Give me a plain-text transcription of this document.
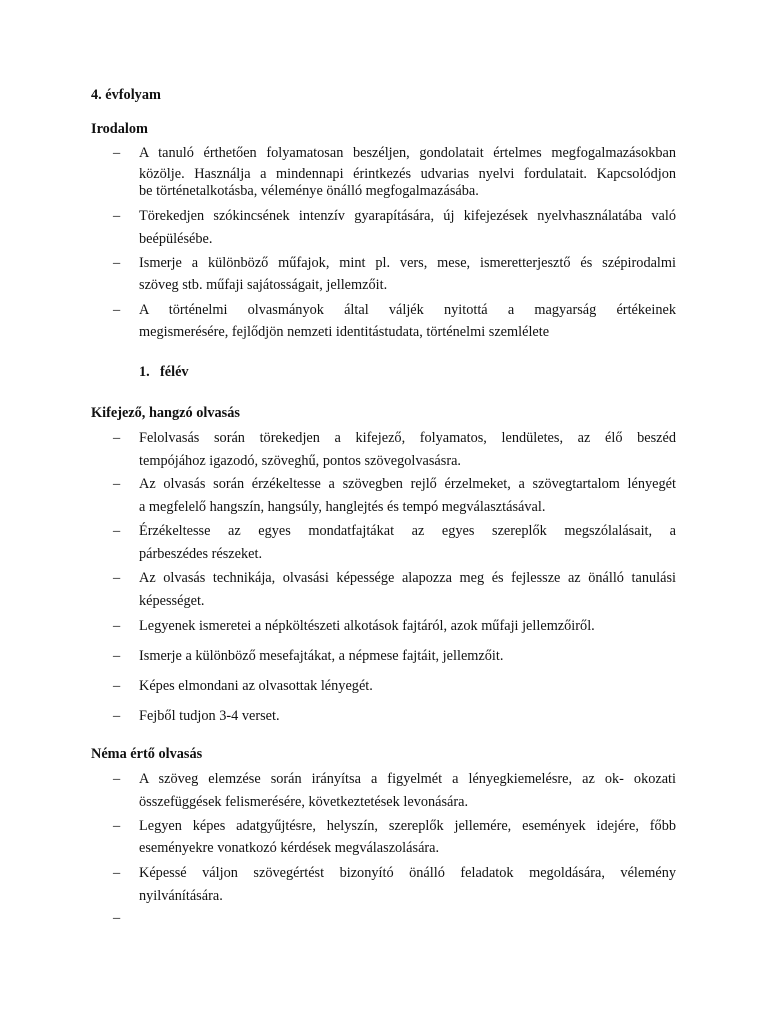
4. évfolyam
Irodalom
– A tanuló érthetően folyamatosan beszéljen, gondolatait értelmes megfogalmazásokban
közölje. Használja a mindennapi érintkezés udvarias nyelvi fordulatait. Kapcsolódjon
be történetalkotásba, véleménye önálló megfogalmazásába.
– Törekedjen szókincsének intenzív gyarapítására, új kifejezések nyelvhasználatába való
beépülésébe.
– Ismerje a különböző műfajok, mint pl. vers, mese, ismeretterjesztő és szépirodalmi
szöveg stb. műfaji sajátosságait, jellemzőit.
– A történelmi olvasmányok által váljék nyitottá a magyarság értékeinek
megismerésére, fejlődjön nemzeti identitástudata, történelmi szemlélete
1. félév
Kifejező, hangzó olvasás
– Felolvasás során törekedjen a kifejező, folyamatos, lendületes, az élő beszéd
tempójához igazodó, szöveghű, pontos szövegolvasásra.
– Az olvasás során érzékeltesse a szövegben rejlő érzelmeket, a szövegtartalom lényegét
a megfelelő hangszín, hangsúly, hanglejtés és tempó megválasztásával.
– Érzékeltesse az egyes mondatfajtákat az egyes szereplők megszólalásait, a
párbeszédes részeket.
– Az olvasás technikája, olvasási képessége alapozza meg és fejlessze az önálló tanulási
képességet.
– Legyenek ismeretei a népköltészeti alkotások fajtáról, azok műfaji jellemzőiről.
– Ismerje a különböző mesefajtákat, a népmese fajtáit, jellemzőit.
– Képes elmondani az olvasottak lényegét.
– Fejből tudjon 3-4 verset.
Néma értő olvasás
– A szöveg elemzése során irányítsa a figyelmét a lényegkiemelésre, az ok- okozati
összefüggések felismerésére, következtetések levonására.
– Legyen képes adatgyűjtésre, helyszín, szereplők jellemére, események idejére, főbb
eseményekre vonatkozó kérdések megválaszolására.
– Képessé váljon szövegértést bizonyító önálló feladatok megoldására, vélemény
nyilvánítására.
–
